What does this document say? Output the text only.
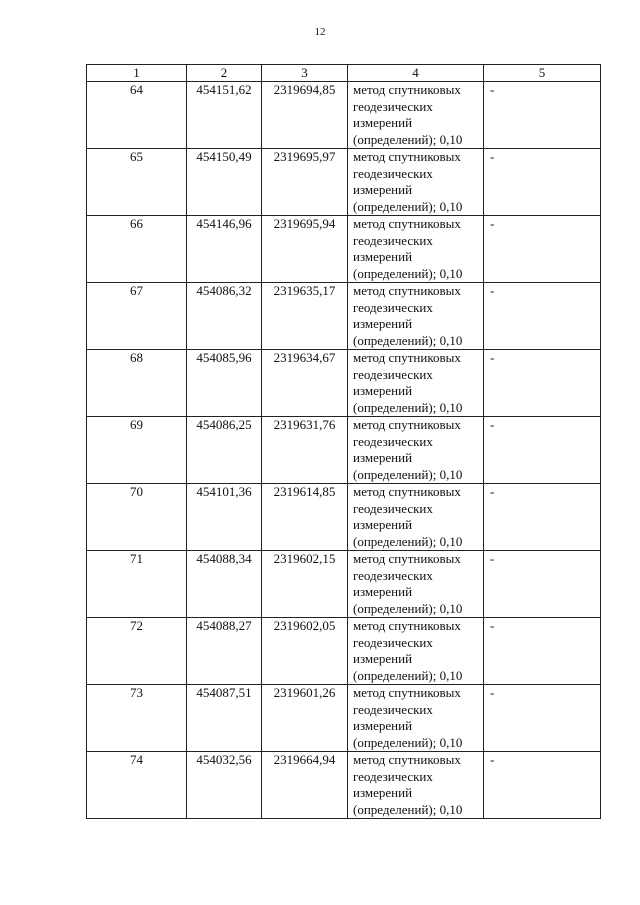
12
1	2	3	4	5
64	454151,62	2319694,85	метод спутниковых
геодезических
измерений
(определений); 0,10	-
65	454150,49	2319695,97	метод спутниковых
геодезических
измерений
(определений); 0,10	-
66	454146,96	2319695,94	метод спутниковых
геодезических
измерений
(определений); 0,10	-
67	454086,32	2319635,17	метод спутниковых
геодезических
измерений
(определений); 0,10	-
68	454085,96	2319634,67	метод спутниковых
геодезических
измерений
(определений); 0,10	-
69	454086,25	2319631,76	метод спутниковых
геодезических
измерений
(определений); 0,10	-
70	454101,36	2319614,85	метод спутниковых
геодезических
измерений
(определений); 0,10	-
71	454088,34	2319602,15	метод спутниковых
геодезических
измерений
(определений); 0,10	-
72	454088,27	2319602,05	метод спутниковых
геодезических
измерений
(определений); 0,10	-
73	454087,51	2319601,26	метод спутниковых
геодезических
измерений
(определений); 0,10	-
74	454032,56	2319664,94	метод спутниковых
геодезических
измерений
(определений); 0,10	-
